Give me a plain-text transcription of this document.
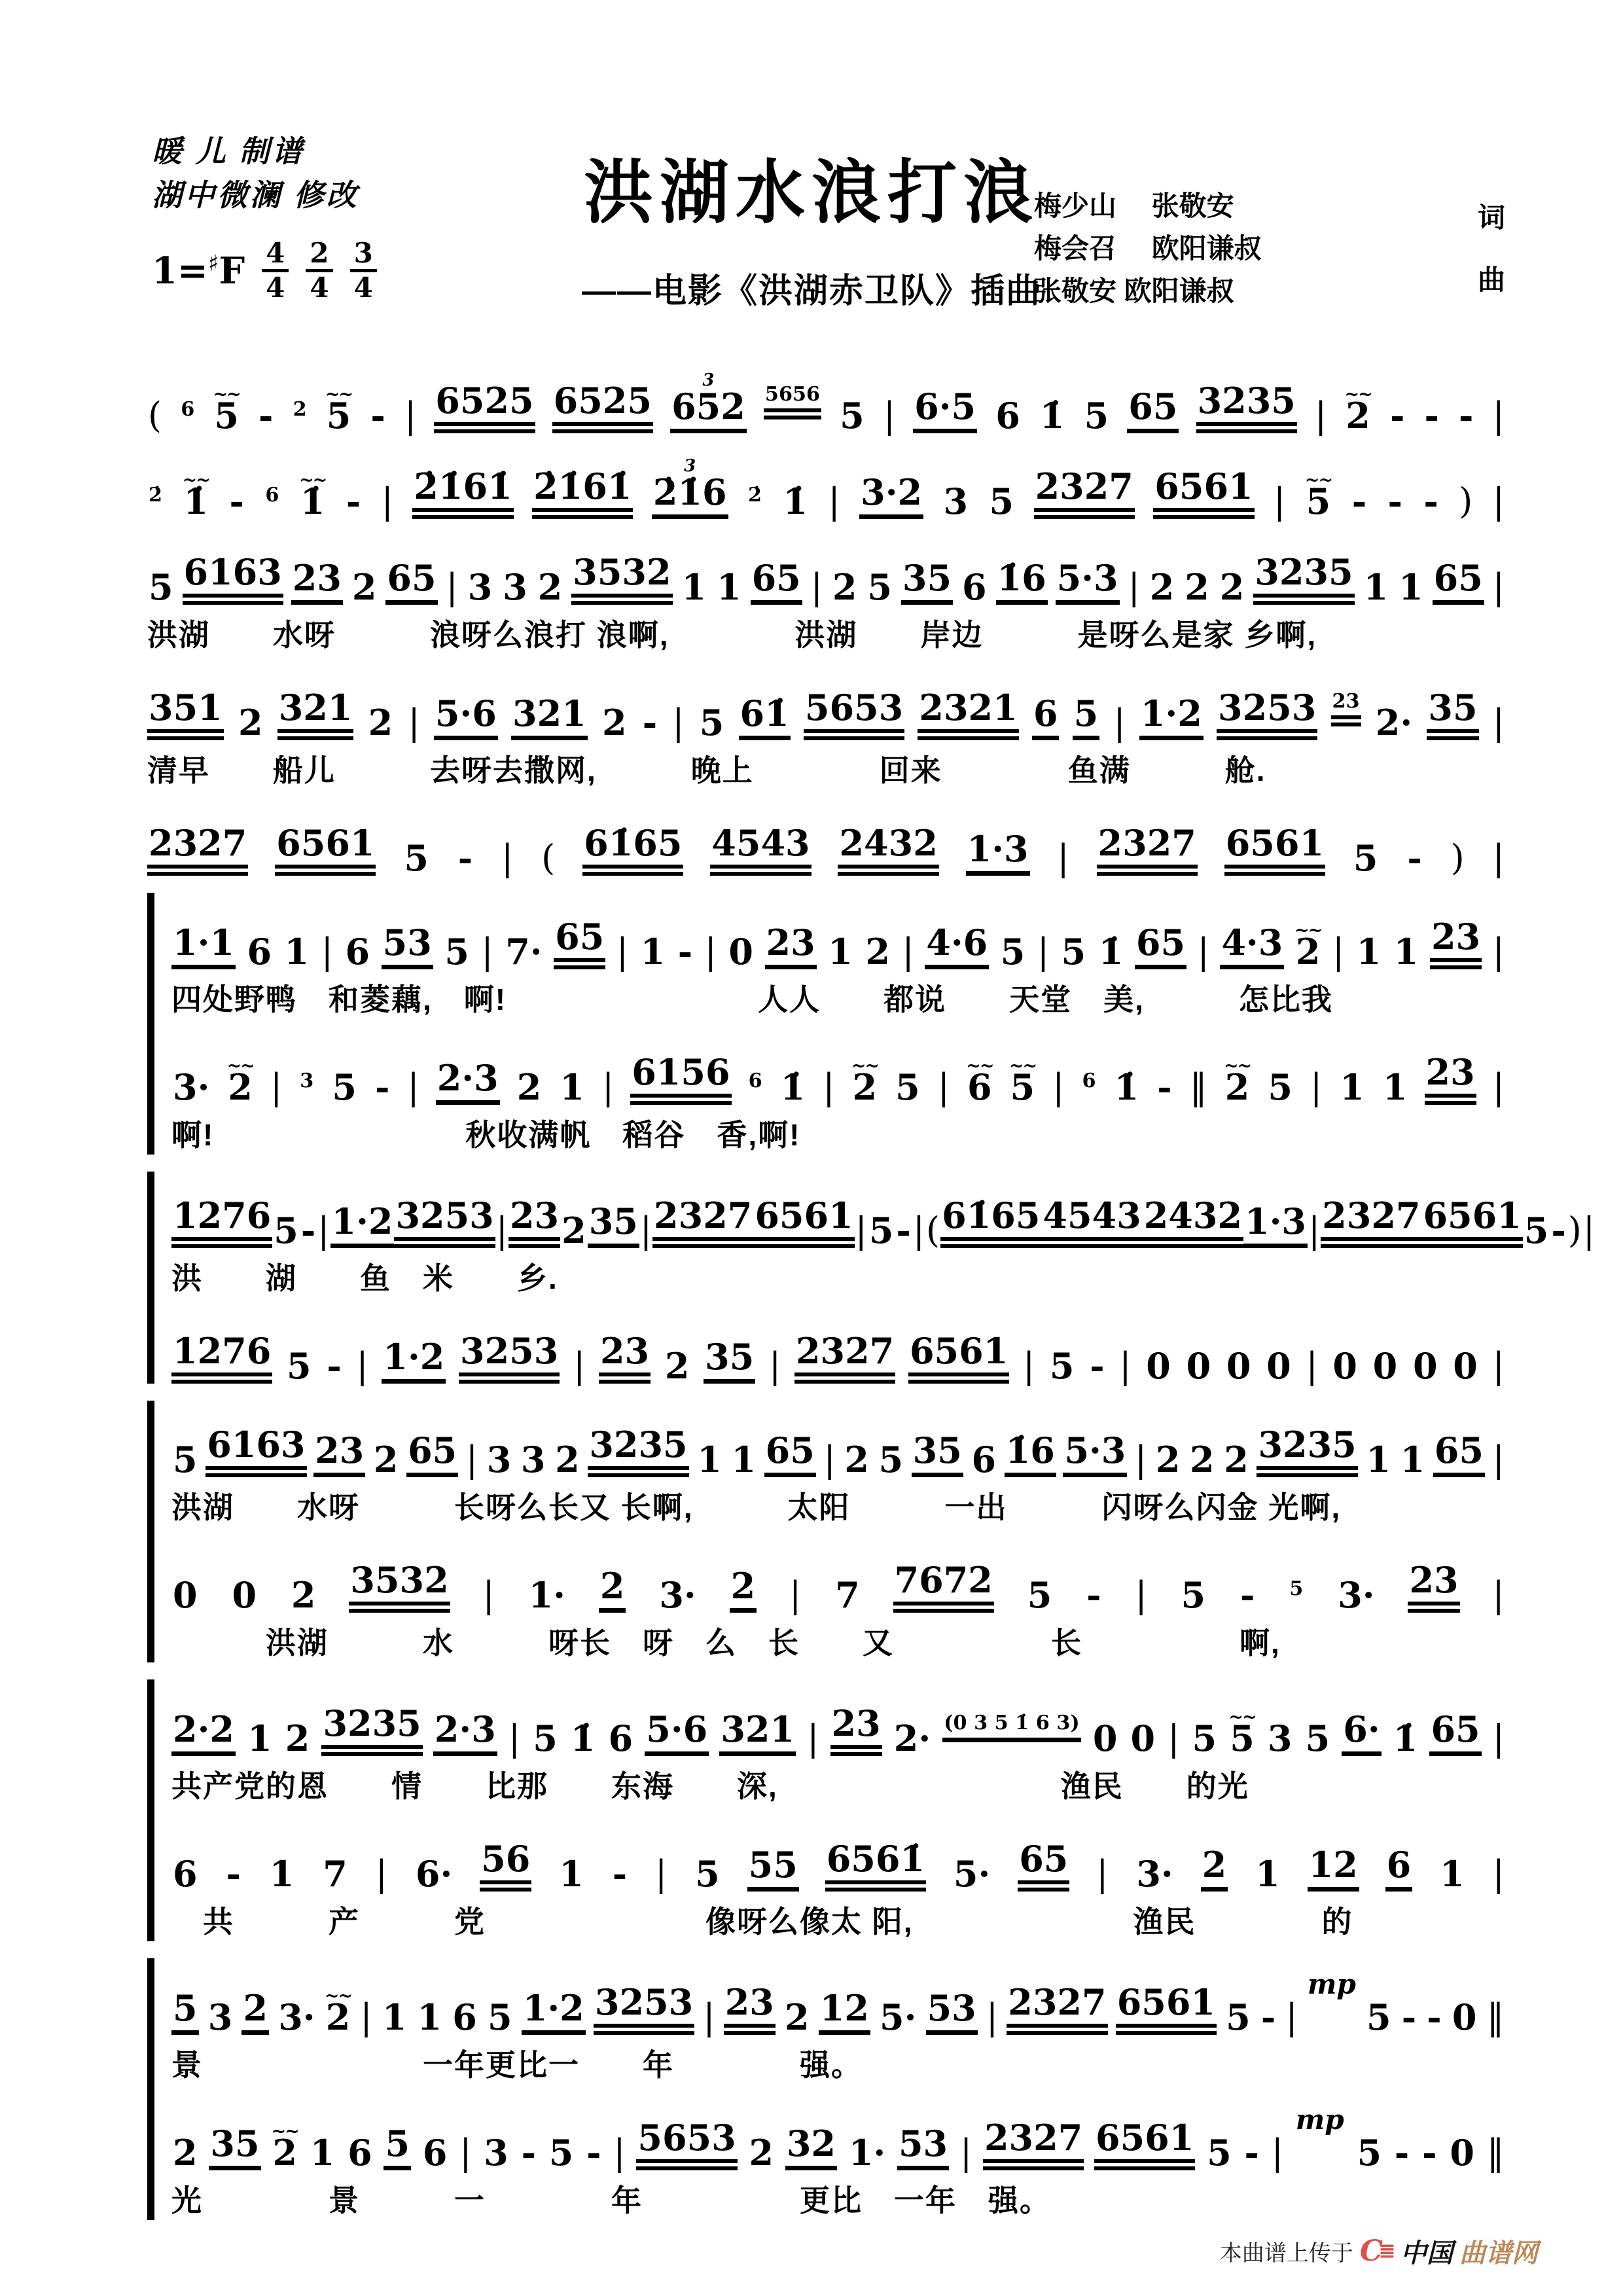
暖 儿 制谱
湖中微澜 修改
$1=^♯F \frac{4}{4} \frac{2}{4} \frac{3}{4}$
洪湖水浪打浪
——电影《洪湖赤卫队》插曲
梅少山　 张敬安
梅会召　 欧阳谦叔
张敬安 欧阳谦叔
词
曲
( 6 ~~ 5 - 2 ~~ 5 - | 6525 6525 3 652 5656
5 | 6·5 6 1̇ 5 65 3235 | ~~ 2 - - - |
2̇ ~~ 1̇ - 6 ~~ 1̇ - | 2̇1̇61̇ 2̇1̇61̇ 3 2̇1̇6 2̇ 1̇ | 3·2 3 5 2327 6561 | ~~ 5 - - - ) |
5 6163 23 2 65 | 3 3 2 3532 1 1 65 | 2 5 35 6 1̇6 5·3 | 2 2 2 3235 1 1 65 |
洪湖　　水呀　　　浪呀么浪打 浪啊,　　　　洪湖　　岸边　　　是呀么是家 乡啊,
351 2 321 2 | 5·6 321 2 - | 5 61̇ 5653 2321 6 5 | 1·2 3253 23
2· 35 |
清早　　船儿　　　去呀去撒网,　　　晚上　　　　回来　　　　鱼满　　　舱.
2327 6561 5 - | ( 61̇65 4543 2432 1·3 | 2327 6561 5 - ) |
1·1 6 1 | 6 53 5 | 7· 65 | 1 - | 0 23 1 2 | 4·6 5 | 5 1̇ 65 | 4·3 ~~ 2 | 1 1 23 |
四处野鸭　和菱藕,　啊!　　　　　　　　人人　　都说　　天堂　美,　　　怎比我
3· ~~ 2 | 3 5 - | 2·3 2 1 | 6156 6 1̇ | ~~ 2 5 | ~~ 6 ~~ 5 | 6 1̇ - ‖ ~~ 2 5 | 1 1 23 |
啊!　　　　　　　　秋收满帆　稻谷　香,啊!
1276 5 - | 1·2 3253 | 23 2 35 | 2327 6561 | 5 - | ( 61̇65 4543 2432 1·3 | 2327 6561 5 - ) |
洪　　湖　　鱼　米　　乡.
1276 5 - | 1·2 3253 | 23 2 35 | 2327 6561 | 5 - | 0 0 0 0 | 0 0 0 0 |
5 6163 23 2 65 | 3 3 2 3235 1 1 65 | 2 5 35 6 1̇6 5·3 | 2 2 2 3235 1 1 65 |
洪湖　　水呀　　　长呀么长又 长啊,　　　太阳　　　一出　　　闪呀么闪金 光啊,
0 0 2 3532 | 1· 2 3· 2 | 7 7672 5 - | 5 - 5 3· 23 |
　　　洪湖　　　水　　　呀长　呀　么　长　　又　　　　　长　　　　　啊,
2·2 1 2 3235 2·3 | 5 1̇ 6 5·6 321 | 23 2· (0 3 5 1̇ 6 3) 0 0 | 5 ~~ 5 3 5 6· 1̇ 65 |
共产党的恩　　情　　比那　　东海　　深,　　　　　　　　　渔民　　的光
6 - 1 7 | 6· 56 1 - | 5 55 6561̇ 5· 65 | 3· 2 1 12 6 1 |
　共　　　产　　　党　　　　　　　像呀么像太 阳,　　　　　　　渔民　　　　的
5 3 2 3· ~~ 2 | 1 1 6 5 1·2 3253 | 23 2 12 5· 53 | 2327 6561 5 - |
mp
5 - - 0 ‖
景　　　　　　　一年更比一　　年　　　　强。
2 35 ~~ 2 1 6 5 6 | 3 - 5 - | 5653 2 32 1· 53 | 2327 6561 5 - |
mp
5 - - 0 ‖
光　　　　景　　　一　　　　年　　　　　更比　一年　强。
本曲谱上传于 C
≣ 中国 曲谱网
